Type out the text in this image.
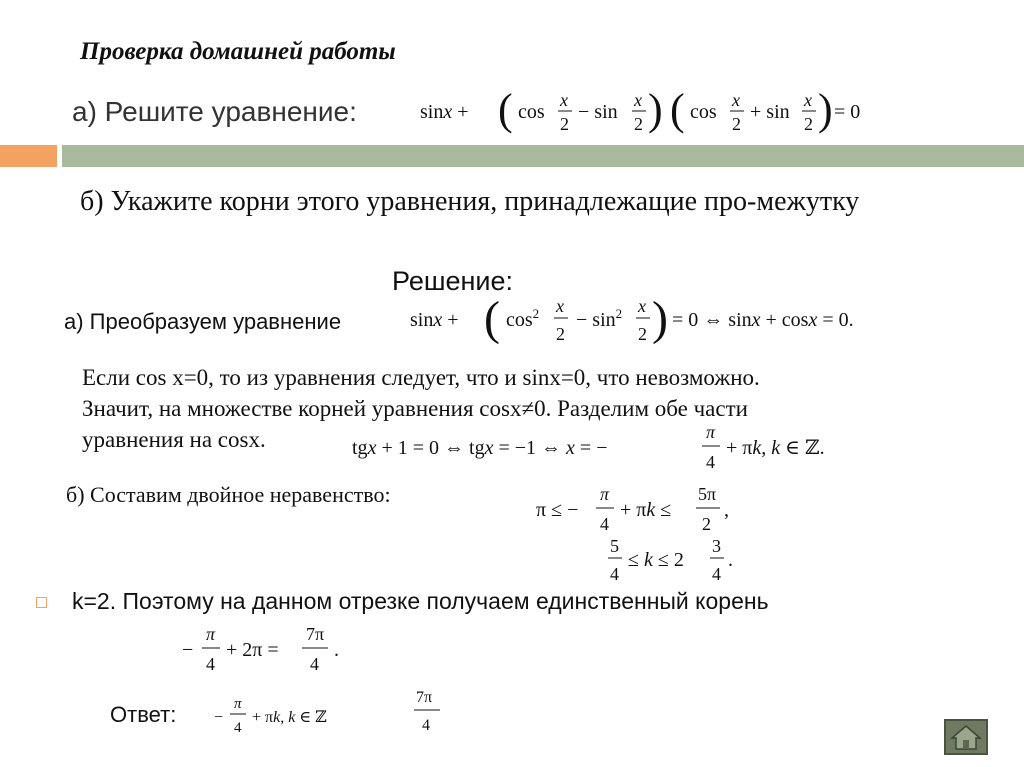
Проверка домашней работы
а) Решите уравнение:	sinx + ( cos
x
2
− sin
x
2 ) ( cos
x
2
+ sin
x
2 ) = 0
б) Укажите корни этого уравнения, принадлежащие про-межутку
Решение:
а) Преобразуем уравнение	sinx + ( $\cos^2 x$
2
− $\sin^2 x$
2 ) = 0 ⇔ sinx + cosx = 0.
Если cos x=0, то из уравнения следует, что и sinx=0, что невозможно.
Значит, на множестве корней уравнения cosx≠0. Разделим обе части
уравнения на cosx.	tgx + 1 = 0 ⇔ tgx = −1 ⇔ x = −
π
4
+ πk, k ∈ ℤ.
б) Составим двойное неравенство:
π ≤ −
π
4
+ πk ≤
5π
2
,
5
4
≤ k ≤ 2
3
4
.
k=2. Поэтому на данном отрезке получаем единственный корень
−
π
4
+ 2π =
7π
4
.
Ответ: −
π
4
+ πk, k ∈ ℤ
7π
4
